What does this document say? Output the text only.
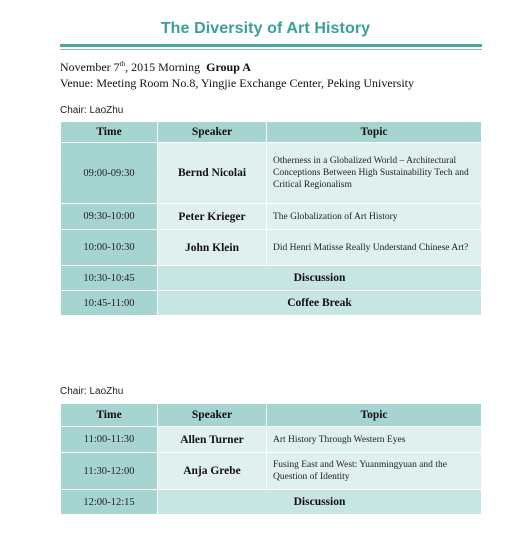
The Diversity of Art History
November 7th, 2015 Morning Group A
Venue: Meeting Room No.8, Yingjie Exchange Center, Peking University
Chair: LaoZhu
Time	Speaker	Topic
09:00-09:30	Bernd Nicolai	Otherness in a Globalized World – Architectural Conceptions Between High Sustainability Tech and Critical Regionalism
09:30-10:00	Peter Krieger	The Globalization of Art History
10:00-10:30	John Klein	Did Henri Matisse Really Understand Chinese Art?
10:30-10:45	Discussion	
10:45-11:00	Coffee Break	
Chair: LaoZhu
Time	Speaker	Topic
11:00-11:30	Allen Turner	Art History Through Western Eyes
11:30-12:00	Anja Grebe	Fusing East and West: Yuanmingyuan and the Question of Identity
12:00-12:15	Discussion	
